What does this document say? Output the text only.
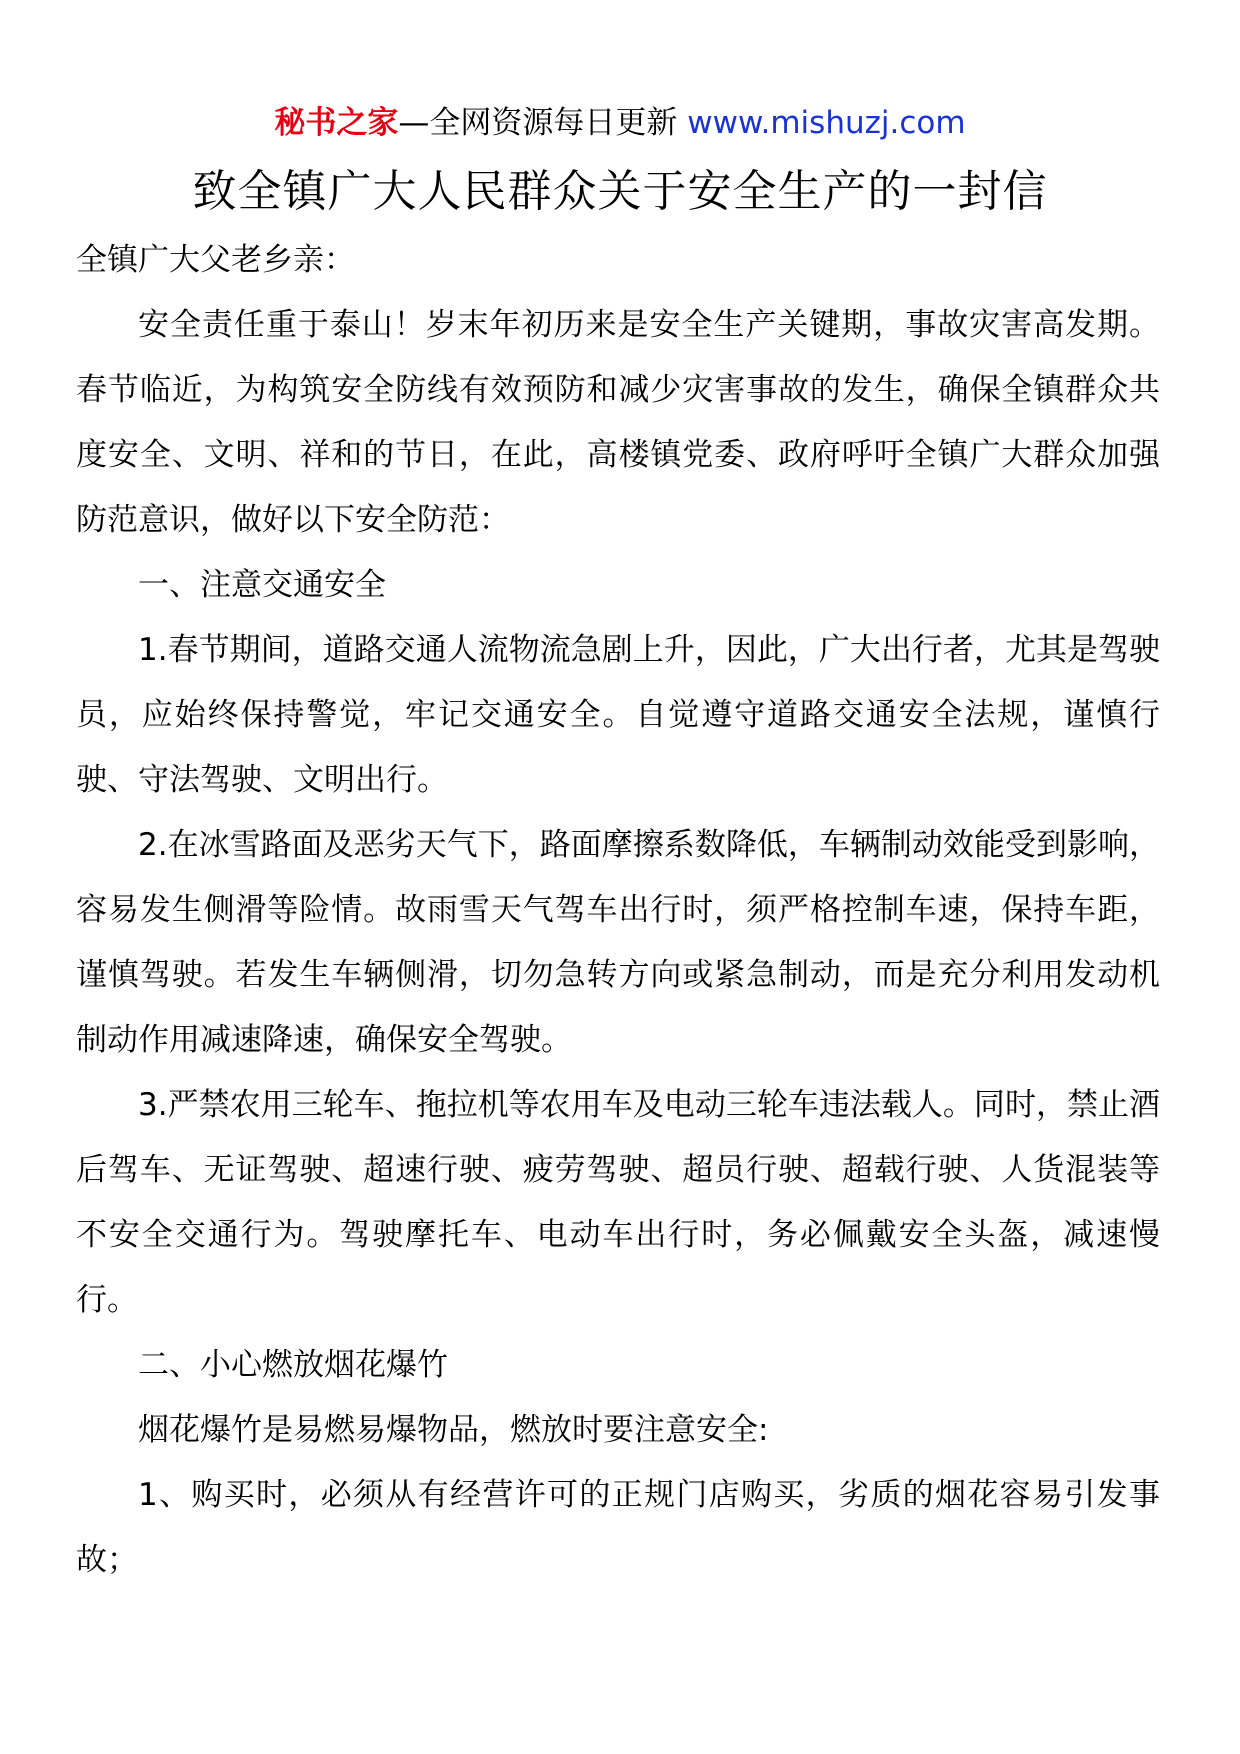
秘书之家—全网资源每日更新 www.mishuzj.com
致全镇广大人民群众关于安全生产的一封信

全镇广大父老乡亲：

安全责任重于泰山！岁末年初历来是安全生产关键期，事故灾害高发期。春节临近，为构筑安全防线有效预防和减少灾害事故的发生，确保全镇群众共度安全、文明、祥和的节日，在此，高楼镇党委、政府呼吁全镇广大群众加强防范意识，做好以下安全防范：

一、注意交通安全

1.春节期间，道路交通人流物流急剧上升，因此，广大出行者，尤其是驾驶员，应始终保持警觉，牢记交通安全。自觉遵守道路交通安全法规，谨慎行驶、守法驾驶、文明出行。

2.在冰雪路面及恶劣天气下，路面摩擦系数降低，车辆制动效能受到影响，容易发生侧滑等险情。故雨雪天气驾车出行时，须严格控制车速，保持车距，谨慎驾驶。若发生车辆侧滑，切勿急转方向或紧急制动，而是充分利用发动机制动作用减速降速，确保安全驾驶。

3.严禁农用三轮车、拖拉机等农用车及电动三轮车违法载人。同时，禁止酒后驾车、无证驾驶、超速行驶、疲劳驾驶、超员行驶、超载行驶、人货混装等不安全交通行为。驾驶摩托车、电动车出行时，务必佩戴安全头盔，减速慢行。

二、小心燃放烟花爆竹

烟花爆竹是易燃易爆物品，燃放时要注意安全:

1、购买时，必须从有经营许可的正规门店购买，劣质的烟花容易引发事故；
